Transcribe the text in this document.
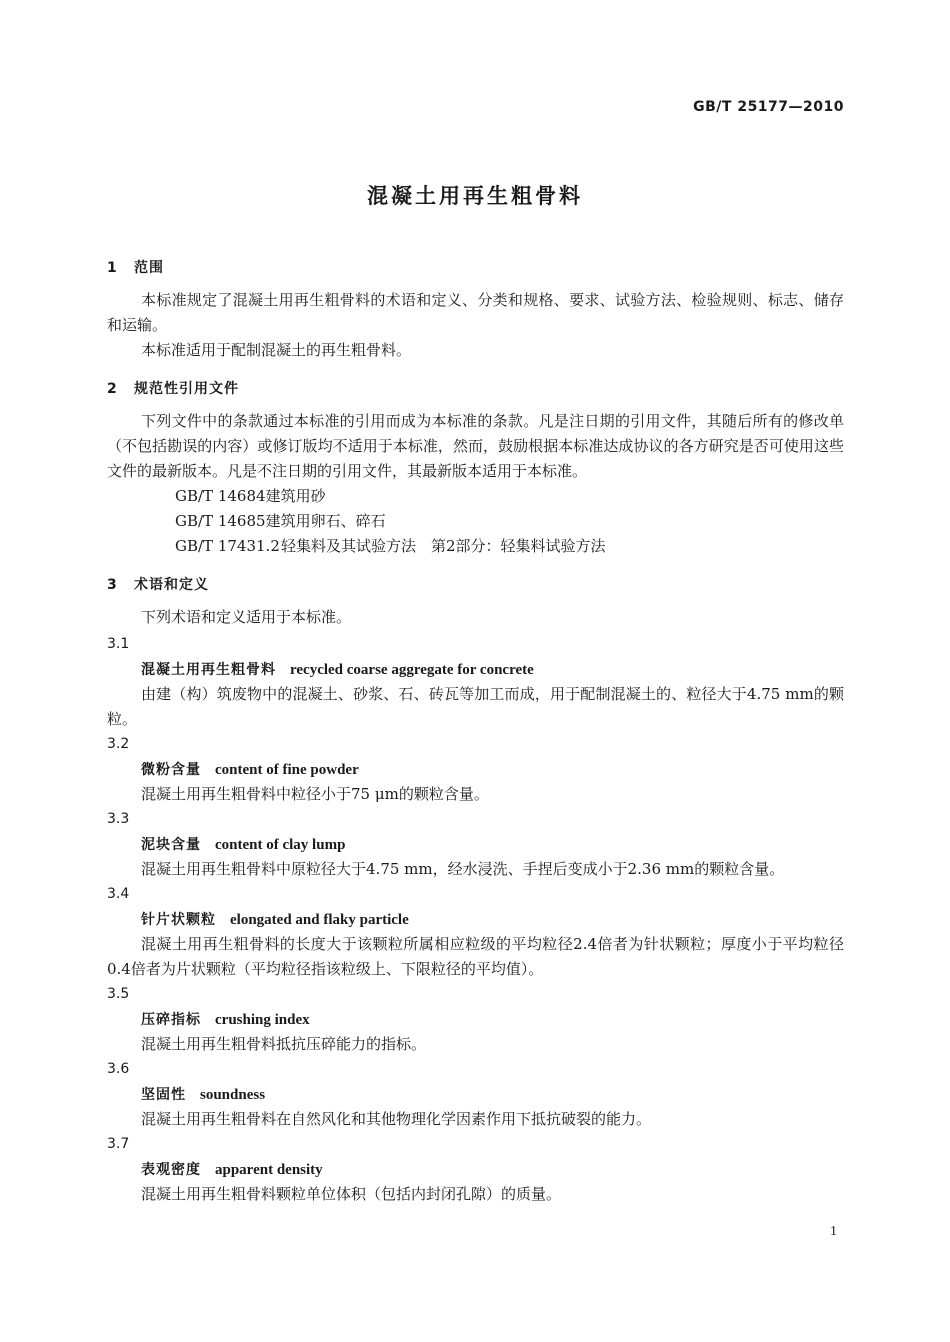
GB/T 25177—2010
混凝土用再生粗骨料
1 范围
本标准规定了混凝土用再生粗骨料的术语和定义、分类和规格、要求、试验方法、检验规则、标志、储存和运输。
本标准适用于配制混凝土的再生粗骨料。
2 规范性引用文件
下列文件中的条款通过本标准的引用而成为本标准的条款。凡是注日期的引用文件，其随后所有的修改单（不包括勘误的内容）或修订版均不适用于本标准，然而，鼓励根据本标准达成协议的各方研究是否可使用这些文件的最新版本。凡是不注日期的引用文件，其最新版本适用于本标准。
GB/T 14684建筑用砂
GB/T 14685建筑用卵石、碎石
GB/T 17431.2轻集料及其试验方法　第2部分：轻集料试验方法
3 术语和定义
下列术语和定义适用于本标准。
3.1
混凝土用再生粗骨料 recycled coarse aggregate for concrete
由建（构）筑废物中的混凝土、砂浆、石、砖瓦等加工而成，用于配制混凝土的、粒径大于4.75 mm的颗粒。
3.2
微粉含量 content of fine powder
混凝土用再生粗骨料中粒径小于75 μm的颗粒含量。
3.3
泥块含量 content of clay lump
混凝土用再生粗骨料中原粒径大于4.75 mm，经水浸洗、手捏后变成小于2.36 mm的颗粒含量。
3.4
针片状颗粒 elongated and flaky particle
混凝土用再生粗骨料的长度大于该颗粒所属相应粒级的平均粒径2.4倍者为针状颗粒；厚度小于平均粒径0.4倍者为片状颗粒（平均粒径指该粒级上、下限粒径的平均值）。
3.5
压碎指标 crushing index
混凝土用再生粗骨料抵抗压碎能力的指标。
3.6
坚固性 soundness
混凝土用再生粗骨料在自然风化和其他物理化学因素作用下抵抗破裂的能力。
3.7
表观密度 apparent density
混凝土用再生粗骨料颗粒单位体积（包括内封闭孔隙）的质量。
1
